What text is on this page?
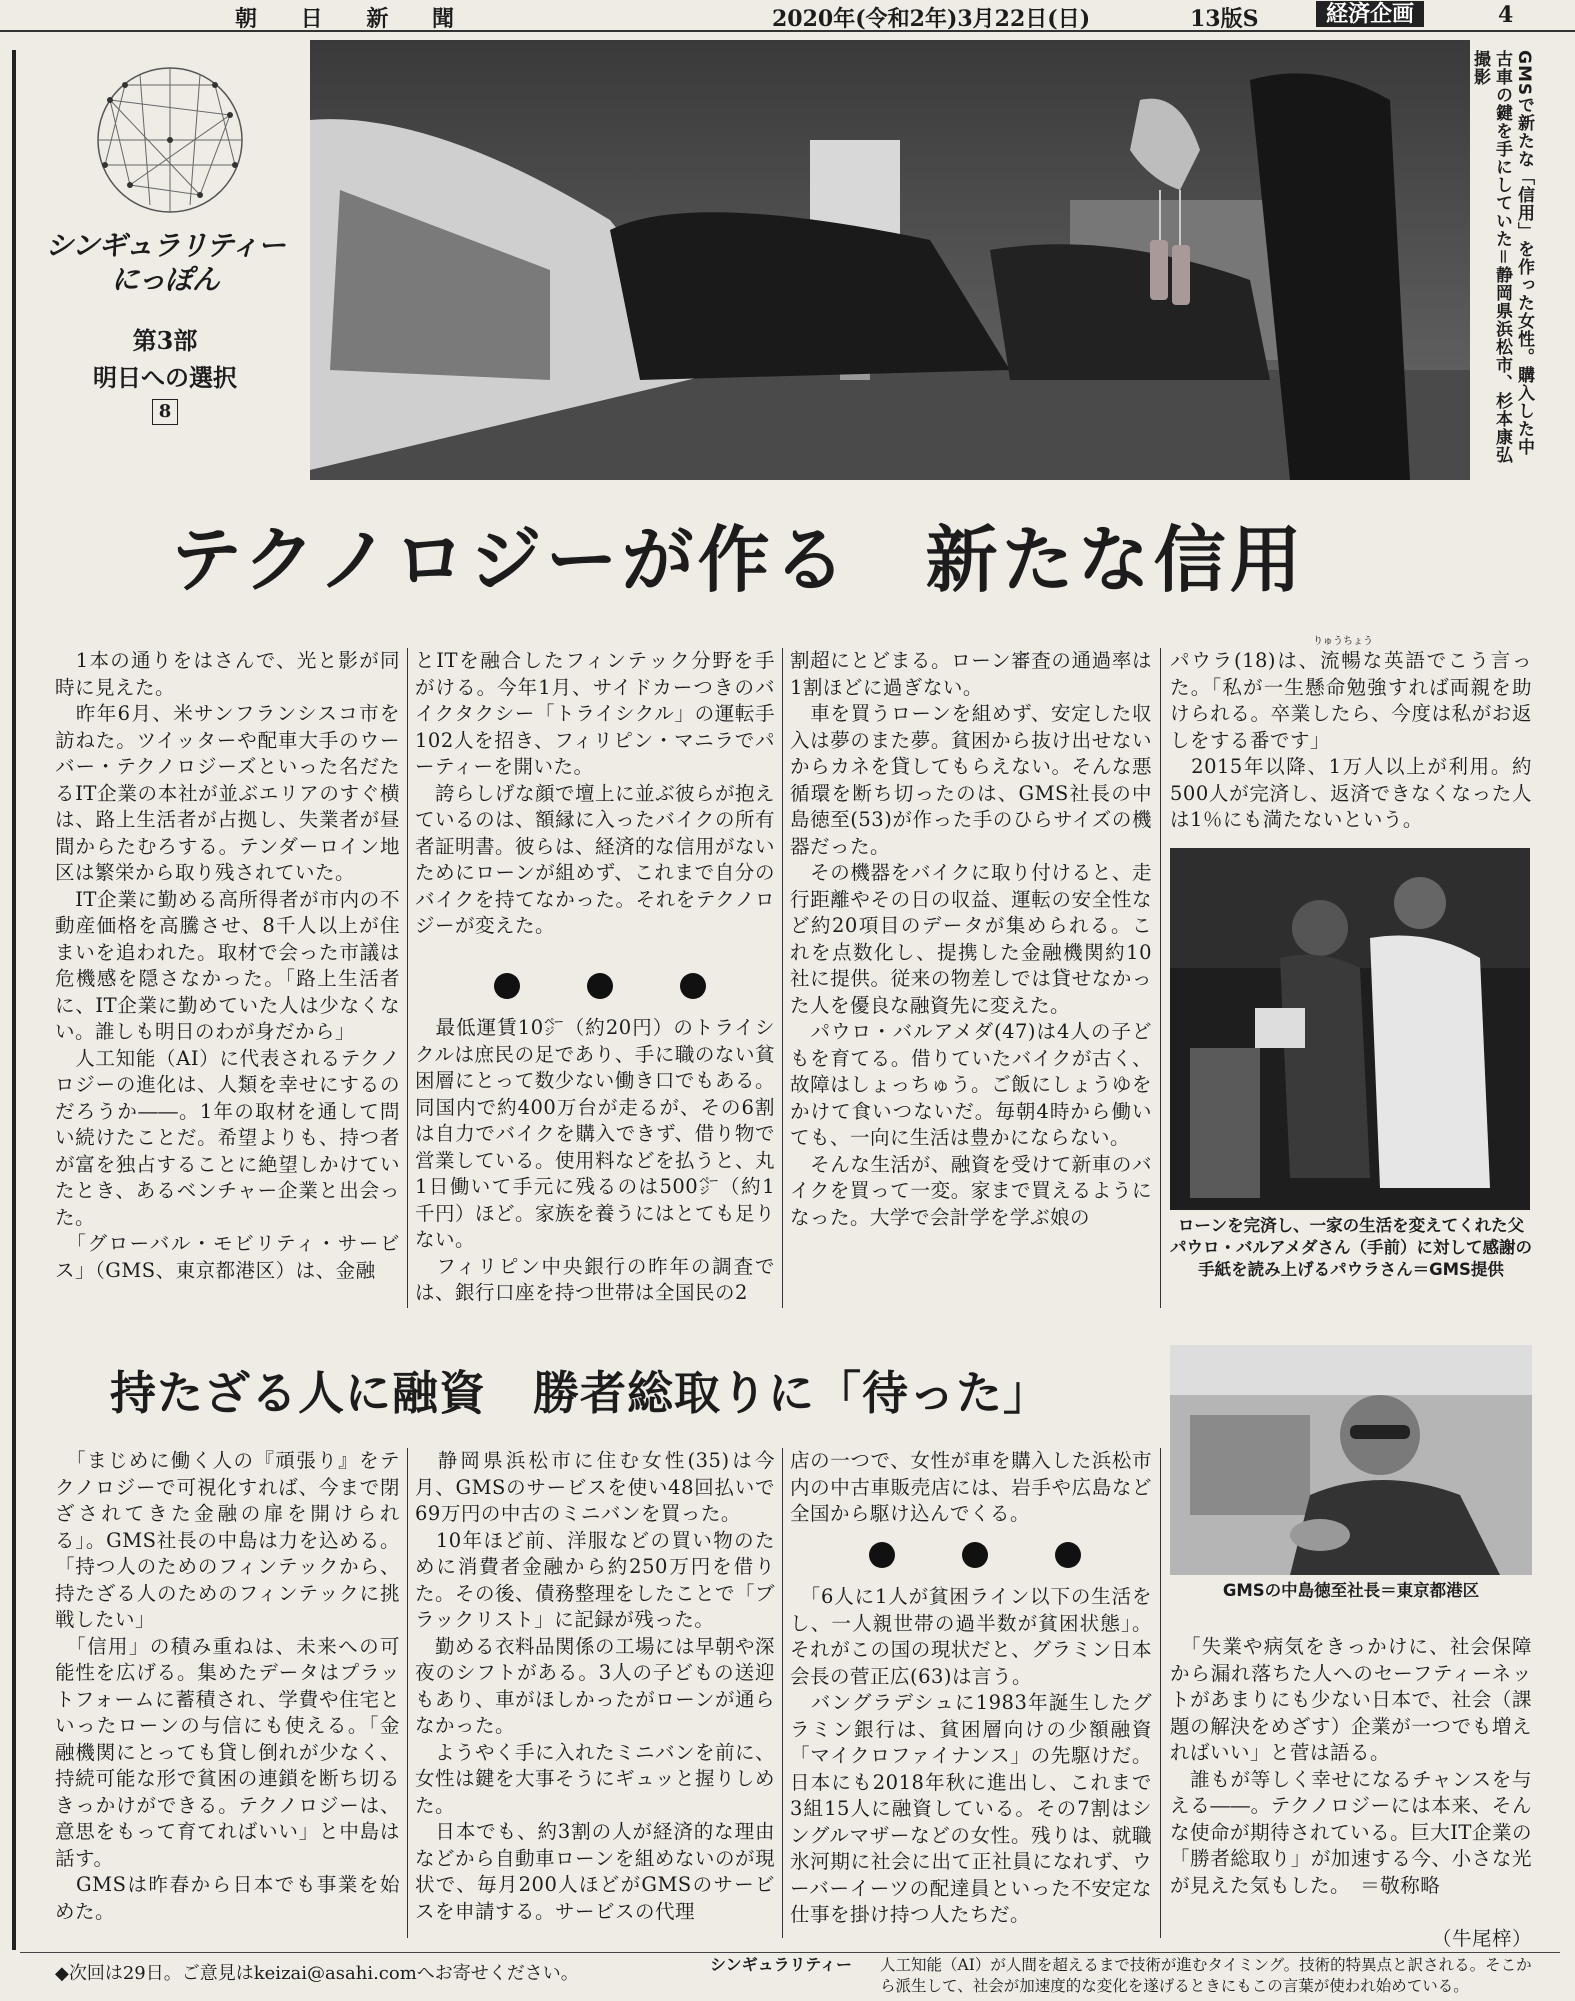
朝 日 新 聞	2020年(令和2年)3月22日(日)	13版S	経済企画	4
シンギュラリティー
にっぽん
第3部
明日への選択
8	GMSで新たな「信用」を作った女性。購入した中古車の鍵を手にしていた＝静岡県浜松市、杉本康弘撮影
テクノロジーが作る　新たな信用
　1本の通りをはさんで、光と影が同時に見えた。
　昨年6月、米サンフランシスコ市を訪ねた。ツイッターや配車大手のウーバー・テクノロジーズといった名だたるIT企業の本社が並ぶエリアのすぐ横は、路上生活者が占拠し、失業者が昼間からたむろする。テンダーロイン地区は繁栄から取り残されていた。
　IT企業に勤める高所得者が市内の不動産価格を高騰させ、8千人以上が住まいを追われた。取材で会った市議は危機感を隠さなかった。「路上生活者に、IT企業に勤めていた人は少なくない。誰しも明日のわが身だから」
　人工知能（AI）に代表されるテクノロジーの進化は、人類を幸せにするのだろうか――。1年の取材を通して問い続けたことだ。希望よりも、持つ者が富を独占することに絶望しかけていたとき、あるベンチャー企業と出会った。
　「グローバル・モビリティ・サービス」（GMS、東京都港区）は、金融
とITを融合したフィンテック分野を手がける。今年1月、サイドカーつきのバイクタクシー「トライシクル」の運転手102人を招き、フィリピン・マニラでパーティーを開いた。
　誇らしげな顔で壇上に並ぶ彼らが抱えているのは、額縁に入ったバイクの所有者証明書。彼らは、経済的な信用がないためにローンが組めず、これまで自分のバイクを持てなかった。それをテクノロジーが変えた。
　最低運賃10㌻（約20円）のトライシクルは庶民の足であり、手に職のない貧困層にとって数少ない働き口でもある。同国内で約400万台が走るが、その6割は自力でバイクを購入できず、借り物で営業している。使用料などを払うと、丸1日働いて手元に残るのは500㌻（約1千円）ほど。家族を養うにはとても足りない。
　フィリピン中央銀行の昨年の調査では、銀行口座を持つ世帯は全国民の2
割超にとどまる。ローン審査の通過率は1割ほどに過ぎない。
　車を買うローンを組めず、安定した収入は夢のまた夢。貧困から抜け出せないからカネを貸してもらえない。そんな悪循環を断ち切ったのは、GMS社長の中島徳至(53)が作った手のひらサイズの機器だった。
　その機器をバイクに取り付けると、走行距離やその日の収益、運転の安全性など約20項目のデータが集められる。これを点数化し、提携した金融機関約10社に提供。従来の物差しでは貸せなかった人を優良な融資先に変えた。
　パウロ・バルアメダ(47)は4人の子どもを育てる。借りていたバイクが古く、故障はしょっちゅう。ご飯にしょうゆをかけて食いつないだ。毎朝4時から働いても、一向に生活は豊かにならない。
　そんな生活が、融資を受けて新車のバイクを買って一変。家まで買えるようになった。大学で会計学を学ぶ娘の
りゅうちょう
パウラ(18)は、流暢な英語でこう言った。「私が一生懸命勉強すれば両親を助けられる。卒業したら、今度は私がお返しをする番です」
　2015年以降、1万人以上が利用。約500人が完済し、返済できなくなった人は1％にも満たないという。
ローンを完済し、一家の生活を変えてくれた父パウロ・バルアメダさん（手前）に対して感謝の手紙を読み上げるパウラさん＝GMS提供
持たざる人に融資　勝者総取りに「待った」
GMSの中島徳至社長＝東京都港区
　「まじめに働く人の『頑張り』をテクノロジーで可視化すれば、今まで閉ざされてきた金融の扉を開けられる」。GMS社長の中島は力を込める。「持つ人のためのフィンテックから、持たざる人のためのフィンテックに挑戦したい」
　「信用」の積み重ねは、未来への可能性を広げる。集めたデータはプラットフォームに蓄積され、学費や住宅といったローンの与信にも使える。「金融機関にとっても貸し倒れが少なく、持続可能な形で貧困の連鎖を断ち切るきっかけができる。テクノロジーは、意思をもって育てればいい」と中島は話す。
　GMSは昨春から日本でも事業を始めた。
　静岡県浜松市に住む女性(35)は今月、GMSのサービスを使い48回払いで69万円の中古のミニバンを買った。
　10年ほど前、洋服などの買い物のために消費者金融から約250万円を借りた。その後、債務整理をしたことで「ブラックリスト」に記録が残った。
　勤める衣料品関係の工場には早朝や深夜のシフトがある。3人の子どもの送迎もあり、車がほしかったがローンが通らなかった。
　ようやく手に入れたミニバンを前に、女性は鍵を大事そうにギュッと握りしめた。
　日本でも、約3割の人が経済的な理由などから自動車ローンを組めないのが現状で、毎月200人ほどがGMSのサービスを申請する。サービスの代理
店の一つで、女性が車を購入した浜松市内の中古車販売店には、岩手や広島など全国から駆け込んでくる。
　「6人に1人が貧困ライン以下の生活をし、一人親世帯の過半数が貧困状態」。それがこの国の現状だと、グラミン日本会長の菅正広(63)は言う。
　バングラデシュに1983年誕生したグラミン銀行は、貧困層向けの少額融資「マイクロファイナンス」の先駆けだ。日本にも2018年秋に進出し、これまで3組15人に融資している。その7割はシングルマザーなどの女性。残りは、就職氷河期に社会に出て正社員になれず、ウーバーイーツの配達員といった不安定な仕事を掛け持つ人たちだ。
　「失業や病気をきっかけに、社会保障から漏れ落ちた人へのセーフティーネットがあまりにも少ない日本で、社会（課題の解決をめざす）企業が一つでも増えればいい」と菅は語る。
　誰もが等しく幸せになるチャンスを与える――。テクノロジーには本来、そんな使命が期待されている。巨大IT企業の「勝者総取り」が加速する今、小さな光が見えた気もした。　＝敬称略
（牛尾梓）
◆次回は29日。ご意見はkeizai@asahi.comへお寄せください。	シンギュラリティー 人工知能（AI）が人間を超えるまで技術が進むタイミング。技術的特異点と訳される。そこから派生して、社会が加速度的な変化を遂げるときにもこの言葉が使われ始めている。
